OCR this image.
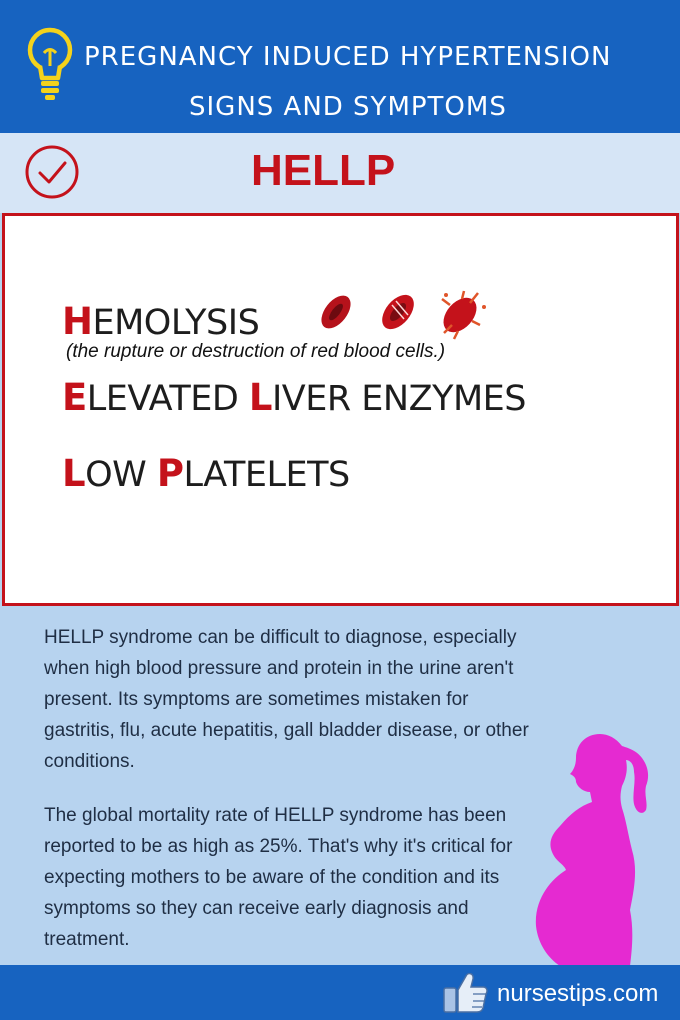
PREGNANCY INDUCED HYPERTENSION
SIGNS AND SYMPTOMS
HELLP
HEMOLYSIS
(the rupture or destruction of red blood cells.)
ELEVATED LIVER ENZYMES
LOW PLATELETS

HELLP syndrome can be difficult to diagnose, especially when high blood pressure and protein in the urine aren't present. Its symptoms are sometimes mistaken for gastritis, flu, acute hepatitis, gall bladder disease, or other conditions.

The global mortality rate of HELLP syndrome has been reported to be as high as 25%. That's why it's critical for expecting mothers to be aware of the condition and its symptoms so they can receive early diagnosis and treatment.

nursestips.com
